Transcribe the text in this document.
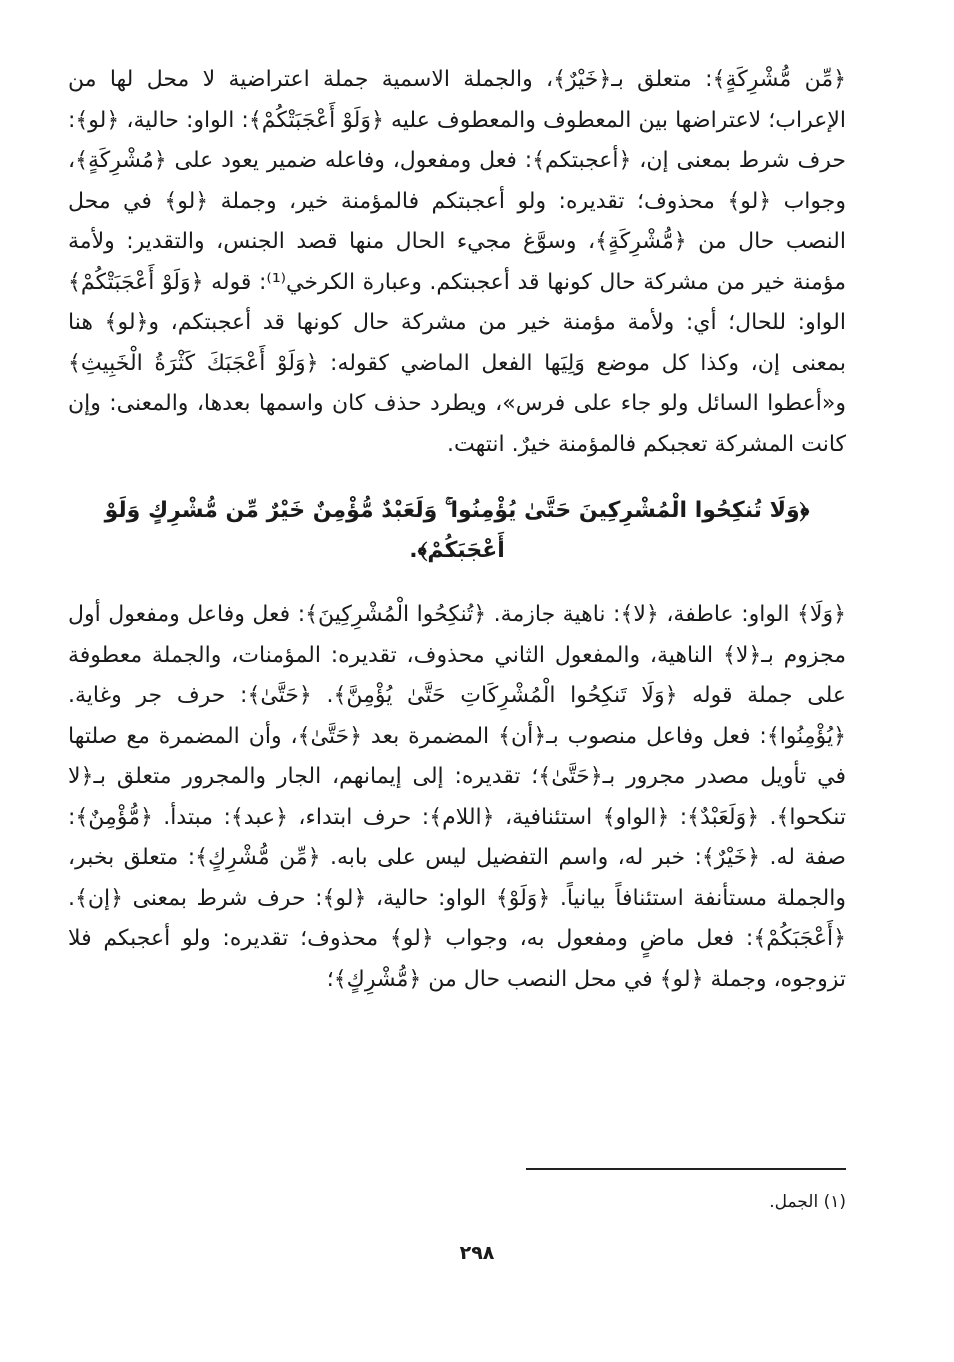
﴿مِّن مُّشْرِكَةٍ﴾: متعلق بـ﴿خَيْرٌ﴾، والجملة الاسمية جملة اعتراضية لا محل لها من الإعراب؛ لاعتراضها بين المعطوف والمعطوف عليه ﴿وَلَوْ أَعْجَبَتْكُمْ﴾: الواو: حالية، ﴿لو﴾: حرف شرط بمعنى إن، ﴿أعجبتكم﴾: فعل ومفعول، وفاعله ضمير يعود على ﴿مُشْرِكَةٍ﴾، وجواب ﴿لو﴾ محذوف؛ تقديره: ولو أعجبتكم فالمؤمنة خير، وجملة ﴿لو﴾ في محل النصب حال من ﴿مُّشْرِكَةٍ﴾، وسوَّغ مجيء الحال منها قصد الجنس، والتقدير: ولأمة مؤمنة خير من مشركة حال كونها قد أعجبتكم. وعبارة الكرخي⁽¹⁾: قوله ﴿وَلَوْ أَعْجَبَتْكُمْ﴾ الواو: للحال؛ أي: ولأمة مؤمنة خير من مشركة حال كونها قد أعجبتكم، و﴿لو﴾ هنا بمعنى إن، وكذا كل موضع وَلِيَها الفعل الماضي كقوله: ﴿وَلَوْ أَعْجَبَكَ كَثْرَةُ الْخَبِيثِ﴾ و«أعطوا السائل ولو جاء على فرس»، ويطرد حذف كان واسمها بعدها، والمعنى: وإن كانت المشركة تعجبكم فالمؤمنة خيرٌ. انتهت.

﴿وَلَا تُنكِحُوا الْمُشْرِكِينَ حَتَّىٰ يُؤْمِنُوا ۚ وَلَعَبْدٌ مُّؤْمِنٌ خَيْرٌ مِّن مُّشْرِكٍ وَلَوْ أَعْجَبَكُمْ﴾.

﴿وَلَا﴾ الواو: عاطفة، ﴿لا﴾: ناهية جازمة. ﴿تُنكِحُوا الْمُشْرِكِينَ﴾: فعل وفاعل ومفعول أول مجزوم بـ﴿لا﴾ الناهية، والمفعول الثاني محذوف، تقديره: المؤمنات، والجملة معطوفة على جملة قوله ﴿وَلَا تَنكِحُوا الْمُشْرِكَاتِ حَتَّىٰ يُؤْمِنَّ﴾. ﴿حَتَّىٰ﴾: حرف جر وغاية. ﴿يُؤْمِنُوا﴾: فعل وفاعل منصوب بـ﴿أن﴾ المضمرة بعد ﴿حَتَّىٰ﴾، وأن المضمرة مع صلتها في تأويل مصدر مجرور بـ﴿حَتَّىٰ﴾؛ تقديره: إلى إيمانهم، الجار والمجرور متعلق بـ﴿لا تنكحوا﴾. ﴿وَلَعَبْدٌ﴾: ﴿الواو﴾ استئنافية، ﴿اللام﴾: حرف ابتداء، ﴿عبد﴾: مبتدأ. ﴿مُّؤْمِنٌ﴾: صفة له. ﴿خَيْرٌ﴾: خبر له، واسم التفضيل ليس على بابه. ﴿مِّن مُّشْرِكٍ﴾: متعلق بخبر، والجملة مستأنفة استئنافاً بيانياً. ﴿وَلَوْ﴾ الواو: حالية، ﴿لو﴾: حرف شرط بمعنى ﴿إن﴾. ﴿أَعْجَبَكُمْ﴾: فعل ماضٍ ومفعول به، وجواب ﴿لو﴾ محذوف؛ تقديره: ولو أعجبكم فلا تزوجوه، وجملة ﴿لو﴾ في محل النصب حال من ﴿مُّشْرِكٍ﴾؛

(١) الجمل.

٢٩٨
